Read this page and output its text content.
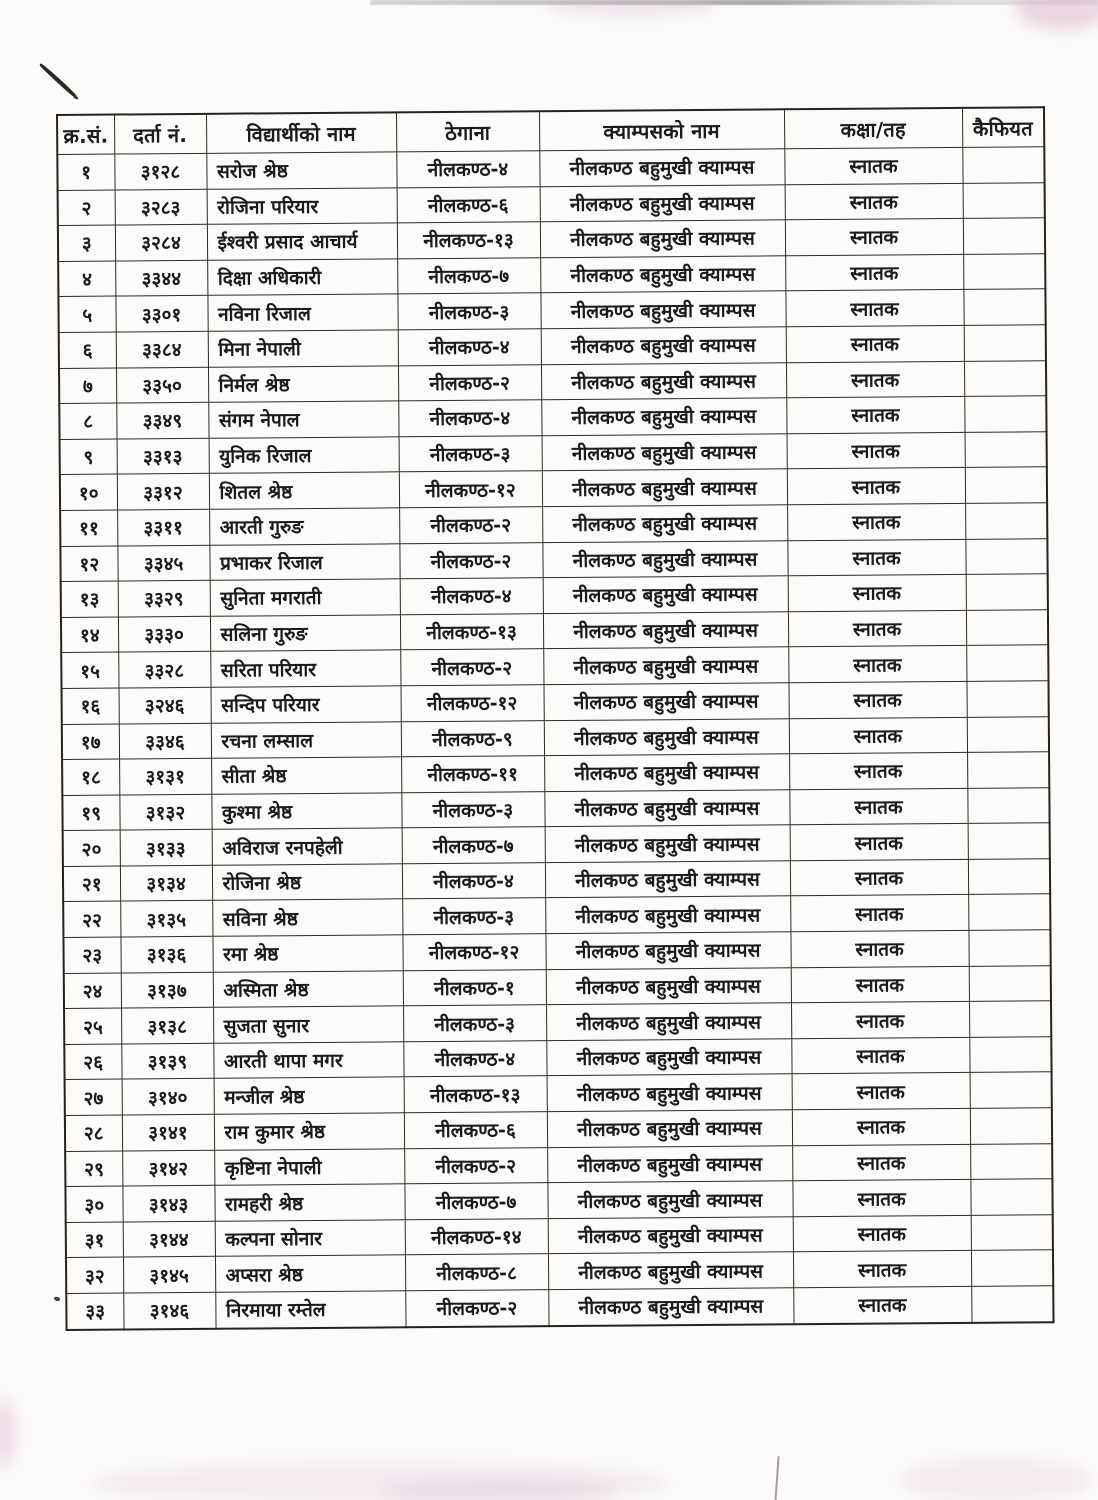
क्र.सं.	दर्ता नं.	विद्यार्थीको नाम	ठेगाना	क्याम्पसको नाम	कक्षा/तह	कैफियत
१	३१२८	सरोज श्रेष्ठ	नीलकण्ठ-४	नीलकण्ठ बहुमुखी क्याम्पस	स्नातक	
२	३२८३	रोजिना परियार	नीलकण्ठ-६	नीलकण्ठ बहुमुखी क्याम्पस	स्नातक	
३	३२८४	ईश्वरी प्रसाद आचार्य	नीलकण्ठ-१३	नीलकण्ठ बहुमुखी क्याम्पस	स्नातक	
४	३३४४	दिक्षा अधिकारी	नीलकण्ठ-७	नीलकण्ठ बहुमुखी क्याम्पस	स्नातक	
५	३३०१	नविना रिजाल	नीलकण्ठ-३	नीलकण्ठ बहुमुखी क्याम्पस	स्नातक	
६	३३८४	मिना नेपाली	नीलकण्ठ-४	नीलकण्ठ बहुमुखी क्याम्पस	स्नातक	
७	३३५०	निर्मल श्रेष्ठ	नीलकण्ठ-२	नीलकण्ठ बहुमुखी क्याम्पस	स्नातक	
८	३३४९	संगम नेपाल	नीलकण्ठ-४	नीलकण्ठ बहुमुखी क्याम्पस	स्नातक	
९	३३१३	युनिक रिजाल	नीलकण्ठ-३	नीलकण्ठ बहुमुखी क्याम्पस	स्नातक	
१०	३३१२	शितल श्रेष्ठ	नीलकण्ठ-१२	नीलकण्ठ बहुमुखी क्याम्पस	स्नातक	
११	३३११	आरती गुरुङ	नीलकण्ठ-२	नीलकण्ठ बहुमुखी क्याम्पस	स्नातक	
१२	३३४५	प्रभाकर रिजाल	नीलकण्ठ-२	नीलकण्ठ बहुमुखी क्याम्पस	स्नातक	
१३	३३२९	सुनिता मगराती	नीलकण्ठ-४	नीलकण्ठ बहुमुखी क्याम्पस	स्नातक	
१४	३३३०	सलिना गुरुङ	नीलकण्ठ-१३	नीलकण्ठ बहुमुखी क्याम्पस	स्नातक	
१५	३३२८	सरिता परियार	नीलकण्ठ-२	नीलकण्ठ बहुमुखी क्याम्पस	स्नातक	
१६	३२४६	सन्दिप परियार	नीलकण्ठ-१२	नीलकण्ठ बहुमुखी क्याम्पस	स्नातक	
१७	३३४६	रचना लम्साल	नीलकण्ठ-९	नीलकण्ठ बहुमुखी क्याम्पस	स्नातक	
१८	३१३१	सीता श्रेष्ठ	नीलकण्ठ-११	नीलकण्ठ बहुमुखी क्याम्पस	स्नातक	
१९	३१३२	कुश्मा श्रेष्ठ	नीलकण्ठ-३	नीलकण्ठ बहुमुखी क्याम्पस	स्नातक	
२०	३१३३	अविराज रनपहेली	नीलकण्ठ-७	नीलकण्ठ बहुमुखी क्याम्पस	स्नातक	
२१	३१३४	रोजिना श्रेष्ठ	नीलकण्ठ-४	नीलकण्ठ बहुमुखी क्याम्पस	स्नातक	
२२	३१३५	सविना श्रेष्ठ	नीलकण्ठ-३	नीलकण्ठ बहुमुखी क्याम्पस	स्नातक	
२३	३१३६	रमा श्रेष्ठ	नीलकण्ठ-१२	नीलकण्ठ बहुमुखी क्याम्पस	स्नातक	
२४	३१३७	अस्मिता श्रेष्ठ	नीलकण्ठ-१	नीलकण्ठ बहुमुखी क्याम्पस	स्नातक	
२५	३१३८	सुजता सुनार	नीलकण्ठ-३	नीलकण्ठ बहुमुखी क्याम्पस	स्नातक	
२६	३१३९	आरती थापा मगर	नीलकण्ठ-४	नीलकण्ठ बहुमुखी क्याम्पस	स्नातक	
२७	३१४०	मन्जील श्रेष्ठ	नीलकण्ठ-१३	नीलकण्ठ बहुमुखी क्याम्पस	स्नातक	
२८	३१४१	राम कुमार श्रेष्ठ	नीलकण्ठ-६	नीलकण्ठ बहुमुखी क्याम्पस	स्नातक	
२९	३१४२	कृष्टिना नेपाली	नीलकण्ठ-२	नीलकण्ठ बहुमुखी क्याम्पस	स्नातक	
३०	३१४३	रामहरी श्रेष्ठ	नीलकण्ठ-७	नीलकण्ठ बहुमुखी क्याम्पस	स्नातक	
३१	३१४४	कल्पना सोनार	नीलकण्ठ-१४	नीलकण्ठ बहुमुखी क्याम्पस	स्नातक	
३२	३१४५	अप्सरा श्रेष्ठ	नीलकण्ठ-८	नीलकण्ठ बहुमुखी क्याम्पस	स्नातक	
३३	३१४६	निरमाया रम्तेल	नीलकण्ठ-२	नीलकण्ठ बहुमुखी क्याम्पस	स्नातक	
